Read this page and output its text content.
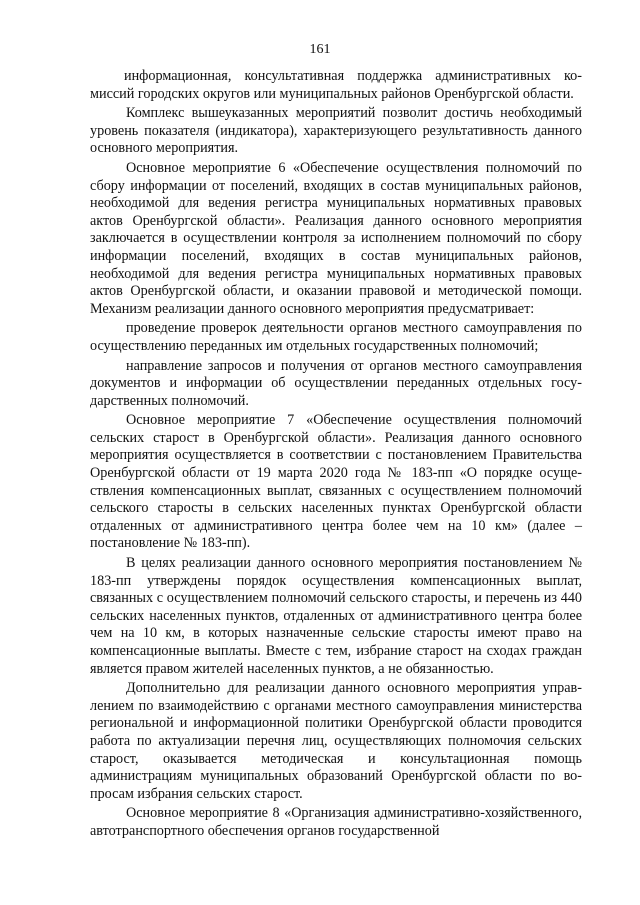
161

информационная, консультативная поддержка административных комиссий городских округов или муниципальных районов Оренбургской области.

Комплекс вышеуказанных мероприятий позволит достичь необходимый уровень показателя (индикатора), характеризующего результативность данного основного мероприятия.

Основное мероприятие 6 «Обеспечение осуществления полномочий по сбору информации от поселений, входящих в состав муниципальных районов, необходимой для ведения регистра муниципальных нормативных правовых актов Оренбургской области». Реализация данного основного мероприятия заключается в осуществлении контроля за исполнением полномочий по сбору информации поселений, входящих в состав муниципальных районов, необходимой для ведения регистра муниципальных нормативных правовых актов Оренбургской области, и оказании правовой и методической помощи. Механизм реализации данного основного мероприятия предусматривает:

проведение проверок деятельности органов местного самоуправления по осуществлению переданных им отдельных государственных полномочий;

направление запросов и получения от органов местного самоуправления документов и информации об осуществлении переданных отдельных государственных полномочий.

Основное мероприятие 7 «Обеспечение осуществления полномочий сельских старост в Оренбургской области». Реализация данного основного мероприятия осуществляется в соответствии с постановлением Правительства Оренбургской области от 19 марта 2020 года № 183-пп «О порядке осуществления компенсационных выплат, связанных с осуществлением полномочий сельского старосты в сельских населенных пунктах Оренбургской области отдаленных от административного центра более чем на 10 км» (далее – постановление № 183-пп).

В целях реализации данного основного мероприятия постановлением № 183-пп утверждены порядок осуществления компенсационных выплат, связанных с осуществлением полномочий сельского старосты, и перечень из 440 сельских населенных пунктов, отдаленных от административного центра более чем на 10 км, в которых назначенные сельские старосты имеют право на компенсационные выплаты. Вместе с тем, избрание старост на сходах граждан является правом жителей населенных пунктов, а не обязанностью.

Дополнительно для реализации данного основного мероприятия управлением по взаимодействию с органами местного самоуправления министерства региональной и информационной политики Оренбургской области проводится работа по актуализации перечня лиц, осуществляющих полномочия сельских старост, оказывается методическая и консультационная помощь администрациям муниципальных образований Оренбургской области по вопросам избрания сельских старост.

Основное мероприятие 8 «Организация административно-хозяйственного, автотранспортного обеспечения органов государственной
